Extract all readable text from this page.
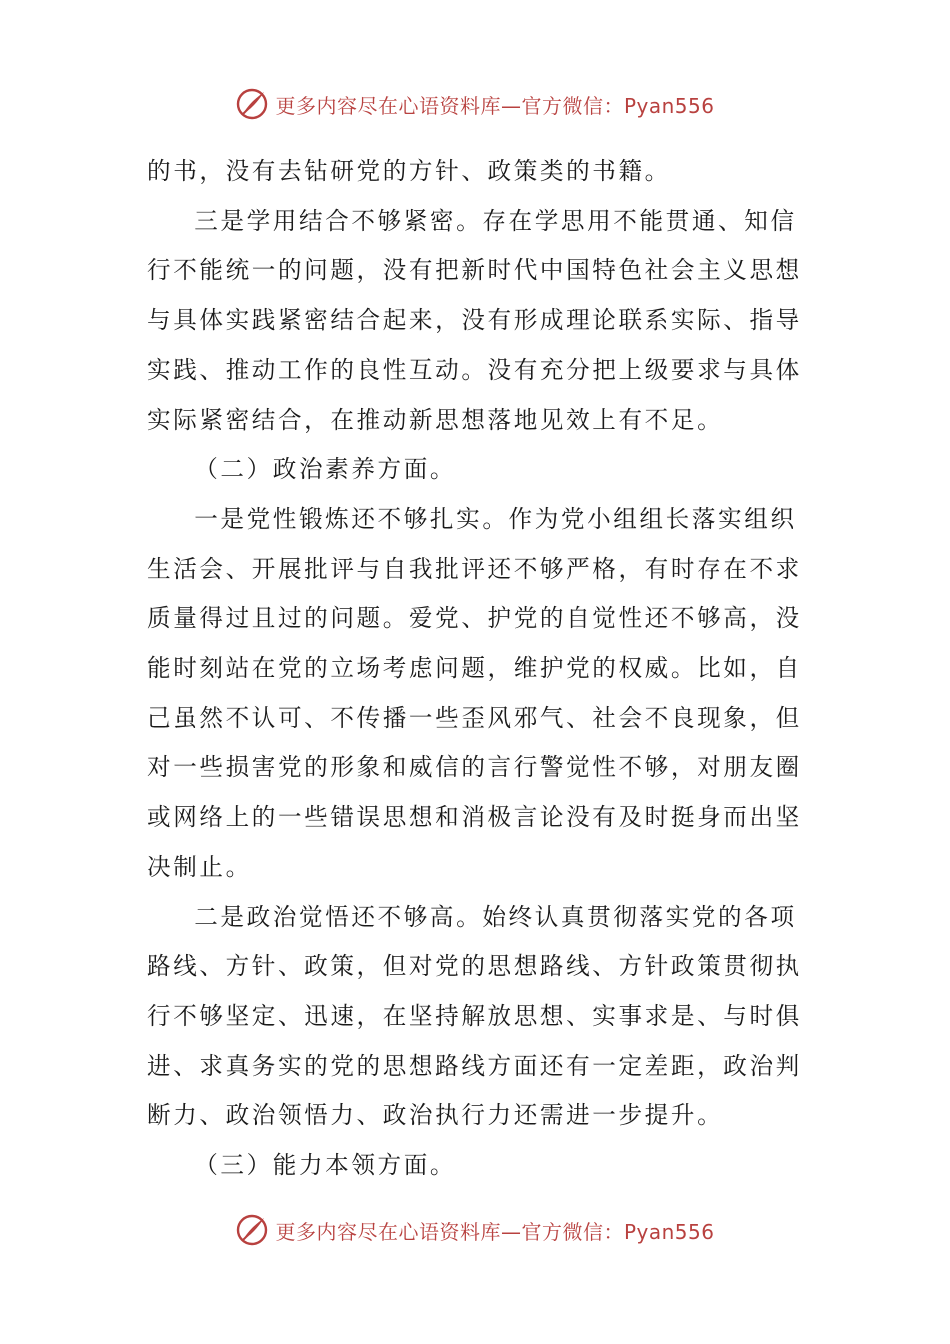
更多内容尽在心语资料库—官方微信：Pyan556

的书，没有去钻研党的方针、政策类的书籍。

三是学用结合不够紧密。存在学思用不能贯通、知信
行不能统一的问题，没有把新时代中国特色社会主义思想
与具体实践紧密结合起来，没有形成理论联系实际、指导
实践、推动工作的良性互动。没有充分把上级要求与具体
实际紧密结合，在推动新思想落地见效上有不足。

（二）政治素养方面。

一是党性锻炼还不够扎实。作为党小组组长落实组织
生活会、开展批评与自我批评还不够严格，有时存在不求
质量得过且过的问题。爱党、护党的自觉性还不够高，没
能时刻站在党的立场考虑问题，维护党的权威。比如，自
己虽然不认可、不传播一些歪风邪气、社会不良现象，但
对一些损害党的形象和威信的言行警觉性不够，对朋友圈
或网络上的一些错误思想和消极言论没有及时挺身而出坚
决制止。

二是政治觉悟还不够高。始终认真贯彻落实党的各项
路线、方针、政策，但对党的思想路线、方针政策贯彻执
行不够坚定、迅速，在坚持解放思想、实事求是、与时俱
进、求真务实的党的思想路线方面还有一定差距，政治判
断力、政治领悟力、政治执行力还需进一步提升。

（三）能力本领方面。

更多内容尽在心语资料库—官方微信：Pyan556
